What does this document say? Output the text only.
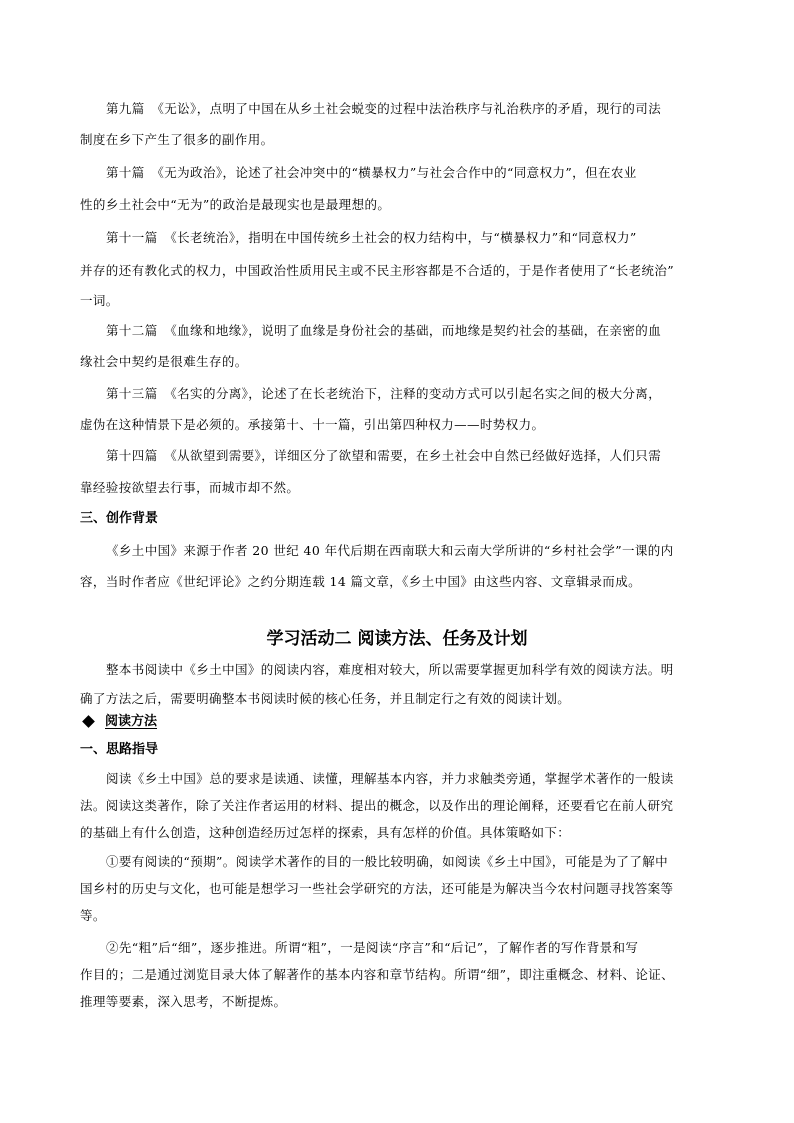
第九篇　《无讼》，点明了中国在从乡土社会蜕变的过程中法治秩序与礼治秩序的矛盾，现行的司法
制度在乡下产生了很多的副作用。
第十篇　《无为政治》，论述了社会冲突中的“横暴权力”与社会合作中的“同意权力”，但在农业
性的乡土社会中“无为”的政治是最现实也是最理想的。
第十一篇　《长老统治》，指明在中国传统乡土社会的权力结构中，与“横暴权力”和“同意权力”
并存的还有教化式的权力，中国政治性质用民主或不民主形容都是不合适的，于是作者使用了“长老统治”
一词。
第十二篇　《血缘和地缘》，说明了血缘是身份社会的基础，而地缘是契约社会的基础，在亲密的血
缘社会中契约是很难生存的。
第十三篇　《名实的分离》，论述了在长老统治下，注释的变动方式可以引起名实之间的极大分离，
虚伪在这种情景下是必须的。承接第十、十一篇，引出第四种权力——时势权力。
第十四篇　《从欲望到需要》，详细区分了欲望和需要，在乡土社会中自然已经做好选择，人们只需
靠经验按欲望去行事，而城市却不然。
三、创作背景
《乡土中国》来源于作者 20 世纪 40 年代后期在西南联大和云南大学所讲的“乡村社会学”一课的内
容，当时作者应《世纪评论》之约分期连载 14 篇文章，《乡土中国》由这些内容、文章辑录而成。
学习活动二 阅读方法、任务及计划
整本书阅读中《乡土中国》的阅读内容，难度相对较大，所以需要掌握更加科学有效的阅读方法。明
确了方法之后，需要明确整本书阅读时候的核心任务，并且制定行之有效的阅读计划。
阅读方法
一、思路指导
阅读《乡土中国》总的要求是读通、读懂，理解基本内容，并力求触类旁通，掌握学术著作的一般读
法。阅读这类著作，除了关注作者运用的材料、提出的概念，以及作出的理论阐释，还要看它在前人研究
的基础上有什么创造，这种创造经历过怎样的探索，具有怎样的价值。具体策略如下：
①要有阅读的“预期”。阅读学术著作的目的一般比较明确，如阅读《乡土中国》，可能是为了了解中
国乡村的历史与文化，也可能是想学习一些社会学研究的方法，还可能是为解决当今农村问题寻找答案等
等。
②先“粗”后“细”，逐步推进。所谓“粗”，一是阅读“序言”和“后记”，了解作者的写作背景和写
作目的；二是通过浏览目录大体了解著作的基本内容和章节结构。所谓“细”，即注重概念、材料、论证、
推理等要素，深入思考，不断提炼。
